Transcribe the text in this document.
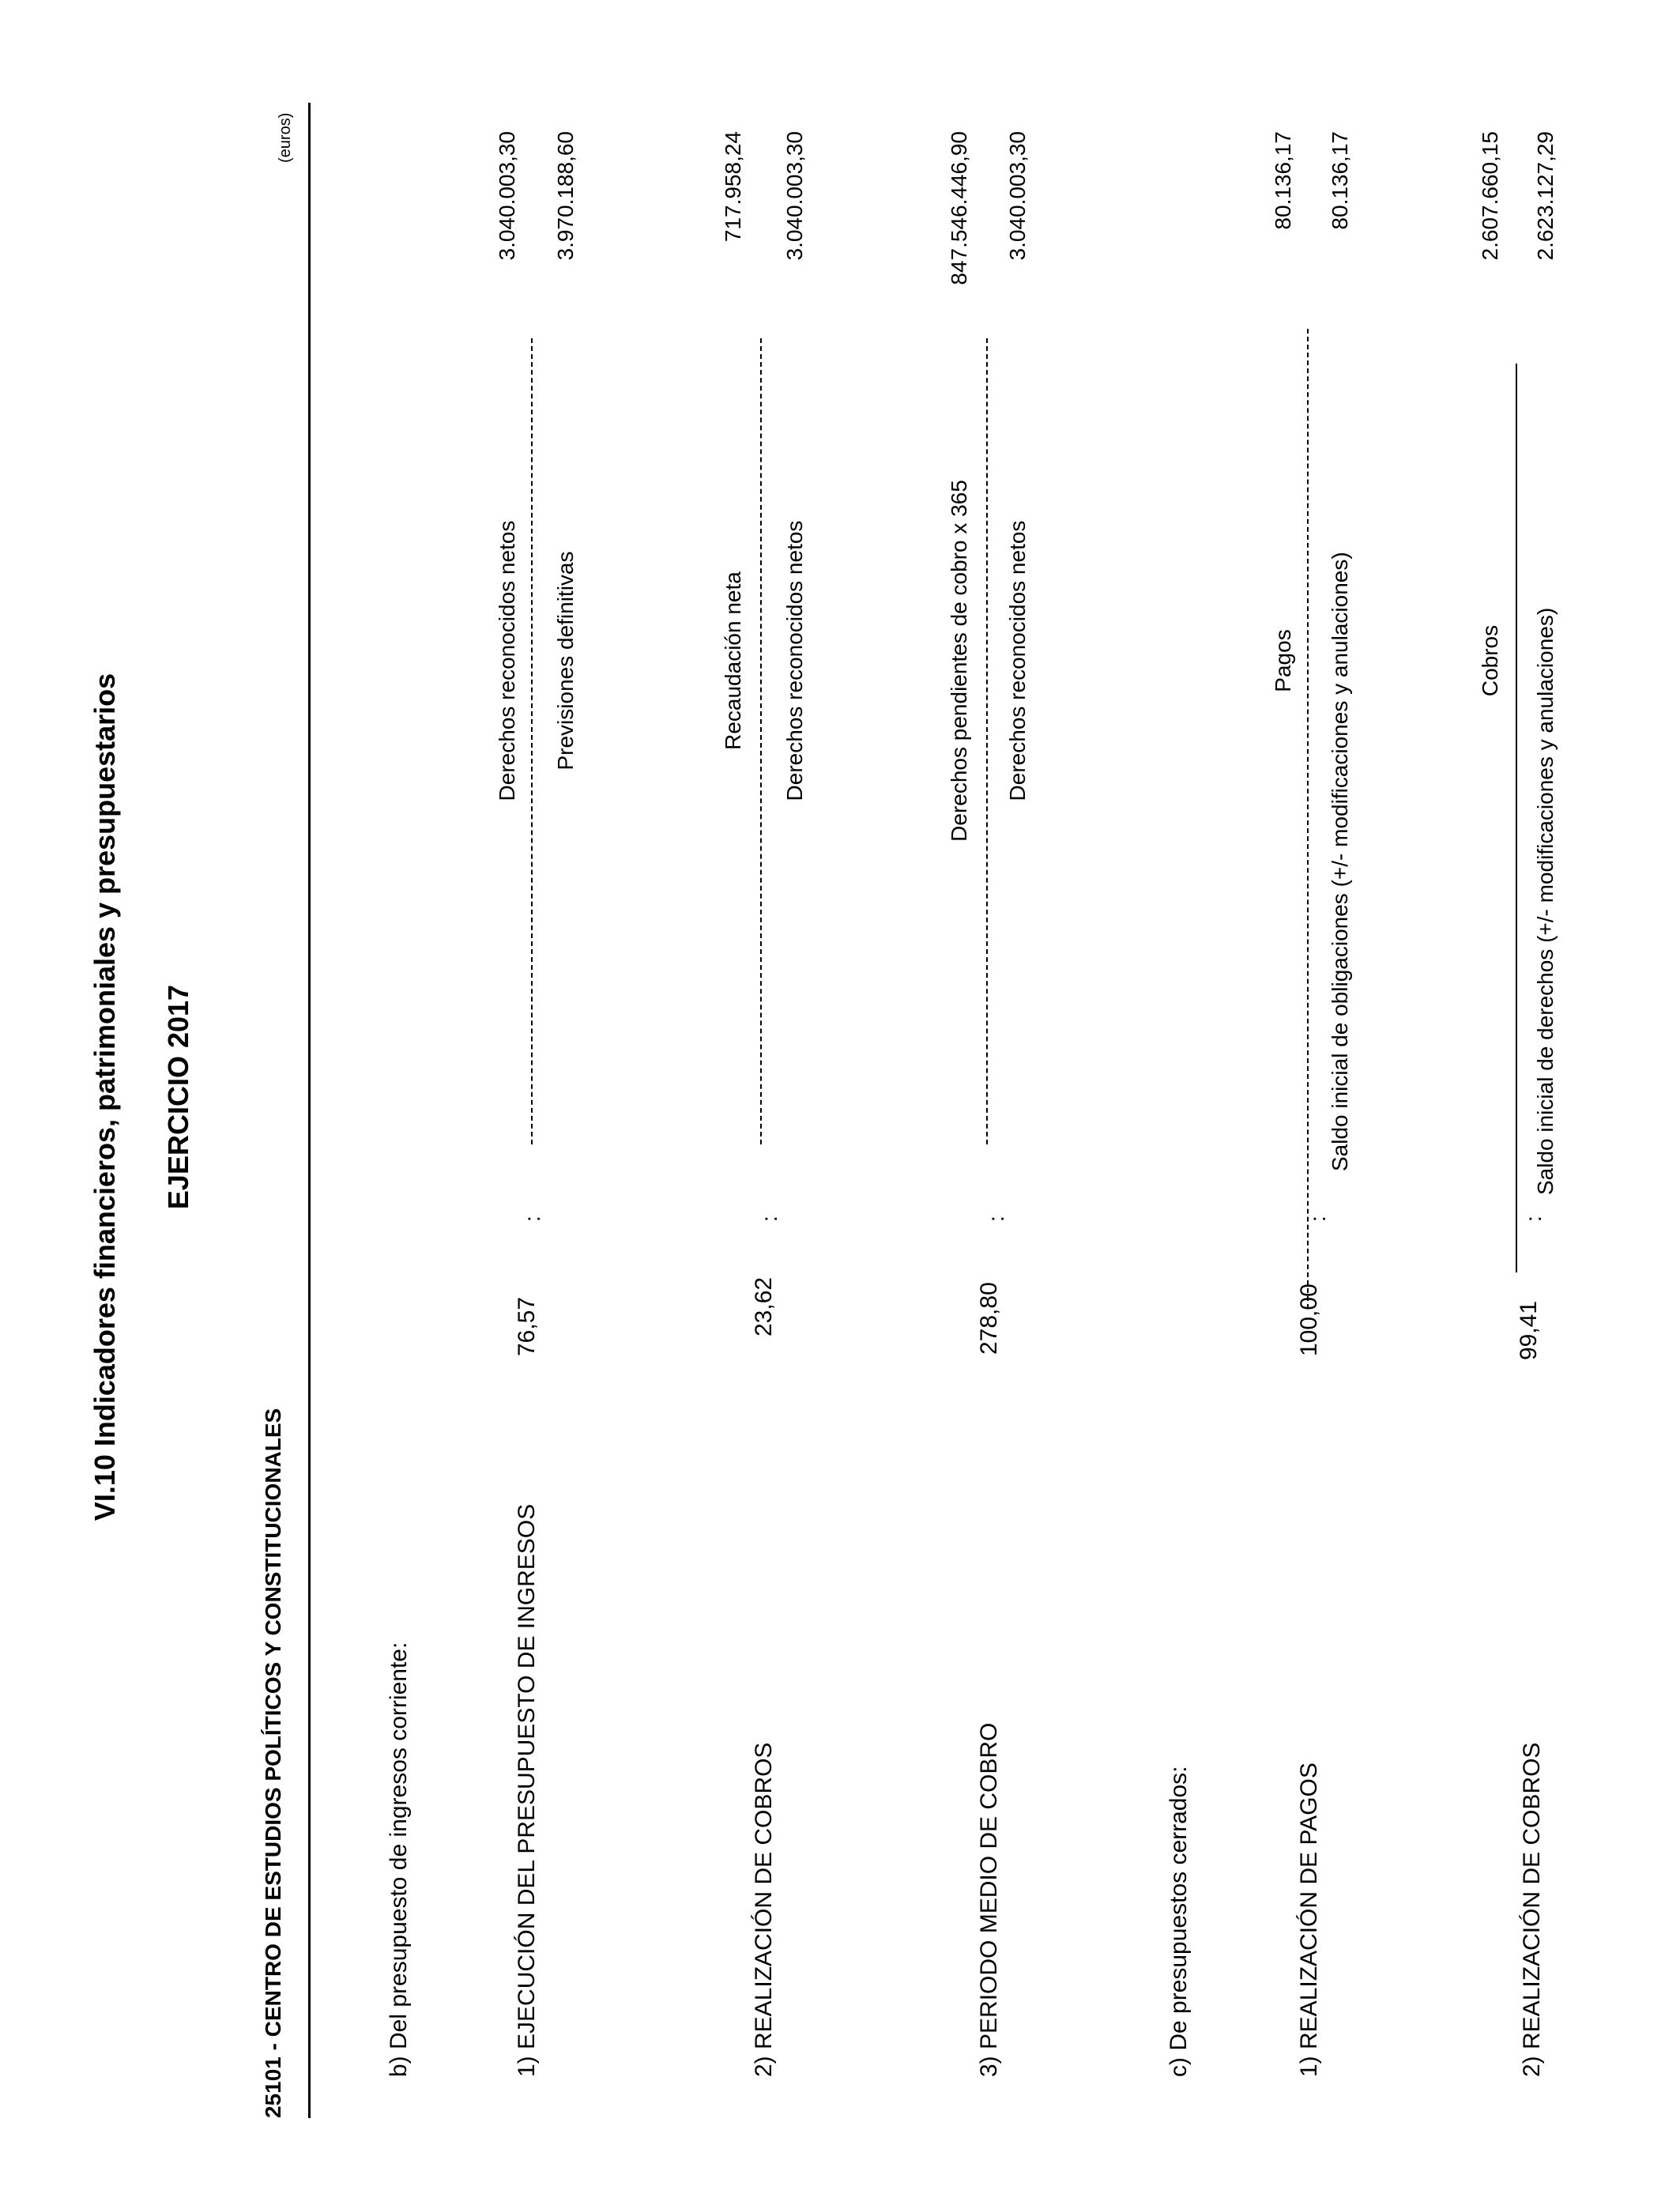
VI.10 Indicadores financieros, patrimoniales y presupuestarios EJERCICIO 2017
25101 - CENTRO DE ESTUDIOS POLÍTICOS Y CONSTITUCIONALES
(euros)
b) Del presupuesto de ingresos corriente:	1) EJECUCIÓN DEL PRESUPUESTO DE INGRESOS
76,57
:
Derechos reconocidos netos Previsiones definitivas
3.040.003,30 3.970.188,60
2) REALIZACIÓN DE COBROS
23,62
:
Recaudación neta Derechos reconocidos netos
717.958,24 3.040.003,30
3) PERIODO MEDIO DE COBRO
278,80
:
Derechos pendientes de cobro x 365 Derechos reconocidos netos
847.546.446,90 3.040.003,30
c) De presupuestos cerrados:	1) REALIZACIÓN DE PAGOS
100,00
:
Pagos Saldo inicial de obligaciones (+/- modificaciones y anulaciones)
80.136,17 80.136,17
2) REALIZACIÓN DE COBROS
99,41
:
Cobros Saldo inicial de derechos (+/- modificaciones y anulaciones)
2.607.660,15 2.623.127,29
